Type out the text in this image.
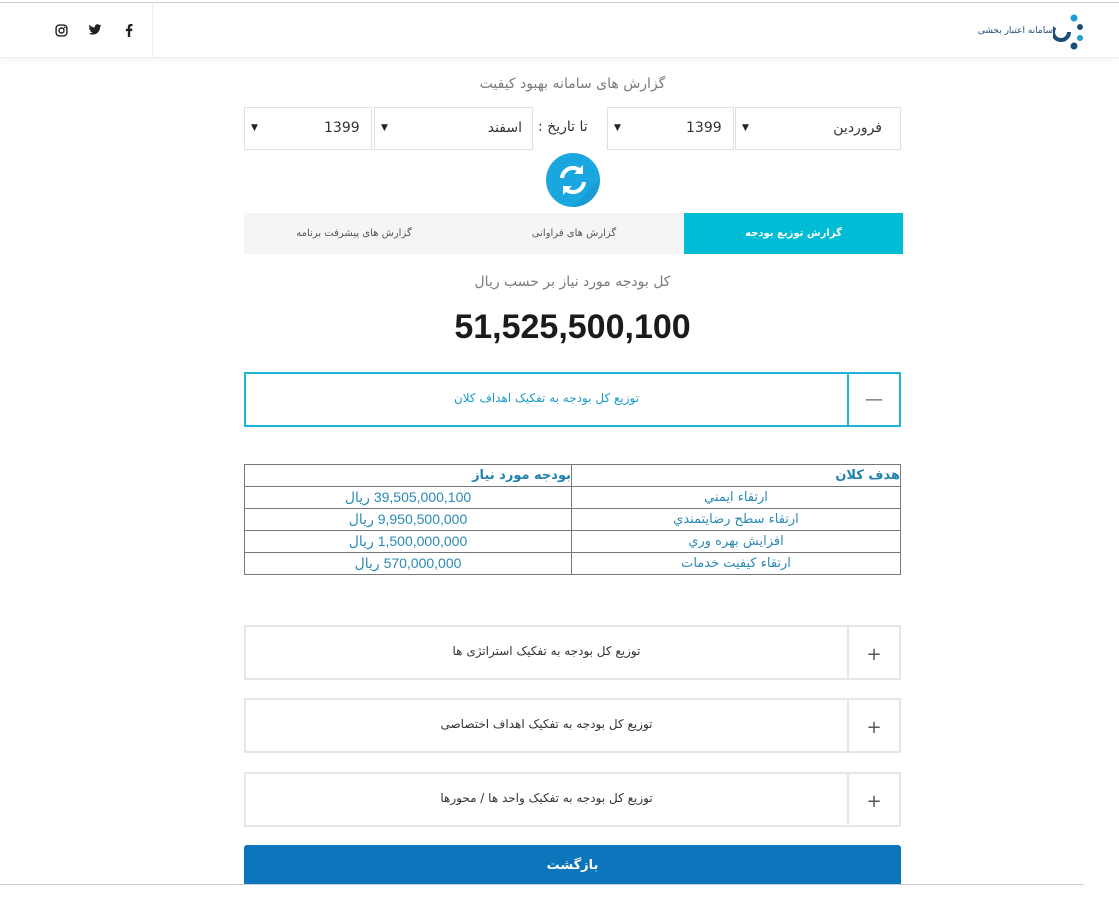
سامانه اعتبار بخشی
گزارش های سامانه بهبود کیفیت
فروردین
▼
1399
▼
تا تاریخ :
اسفند
▼
1399
▼
گزارش توزیع بودجه
گزارش های فراوانی
گزارش های پیشرفت برنامه
کل بودجه مورد نیاز بر حسب ریال
51,525,500,100
توزیع کل بودجه به تفکیک اهداف کلان	—
هدف کلان	بودجه مورد نیاز
ارتقاء ايمني	39,505,000,100 ريال
ارتقاء سطح رضايتمندي	9,950,500,000 ريال
افزايش بهره وري	1,500,000,000 ريال
ارتقاء کيفيت خدمات	570,000,000 ريال
توزیع کل بودجه به تفکیک استراتژی ها	+
توزیع کل بودجه به تفکیک اهداف اختصاصی	+
توزیع کل بودجه به تفکیک واحد ها / محورها	+
بازگشت
